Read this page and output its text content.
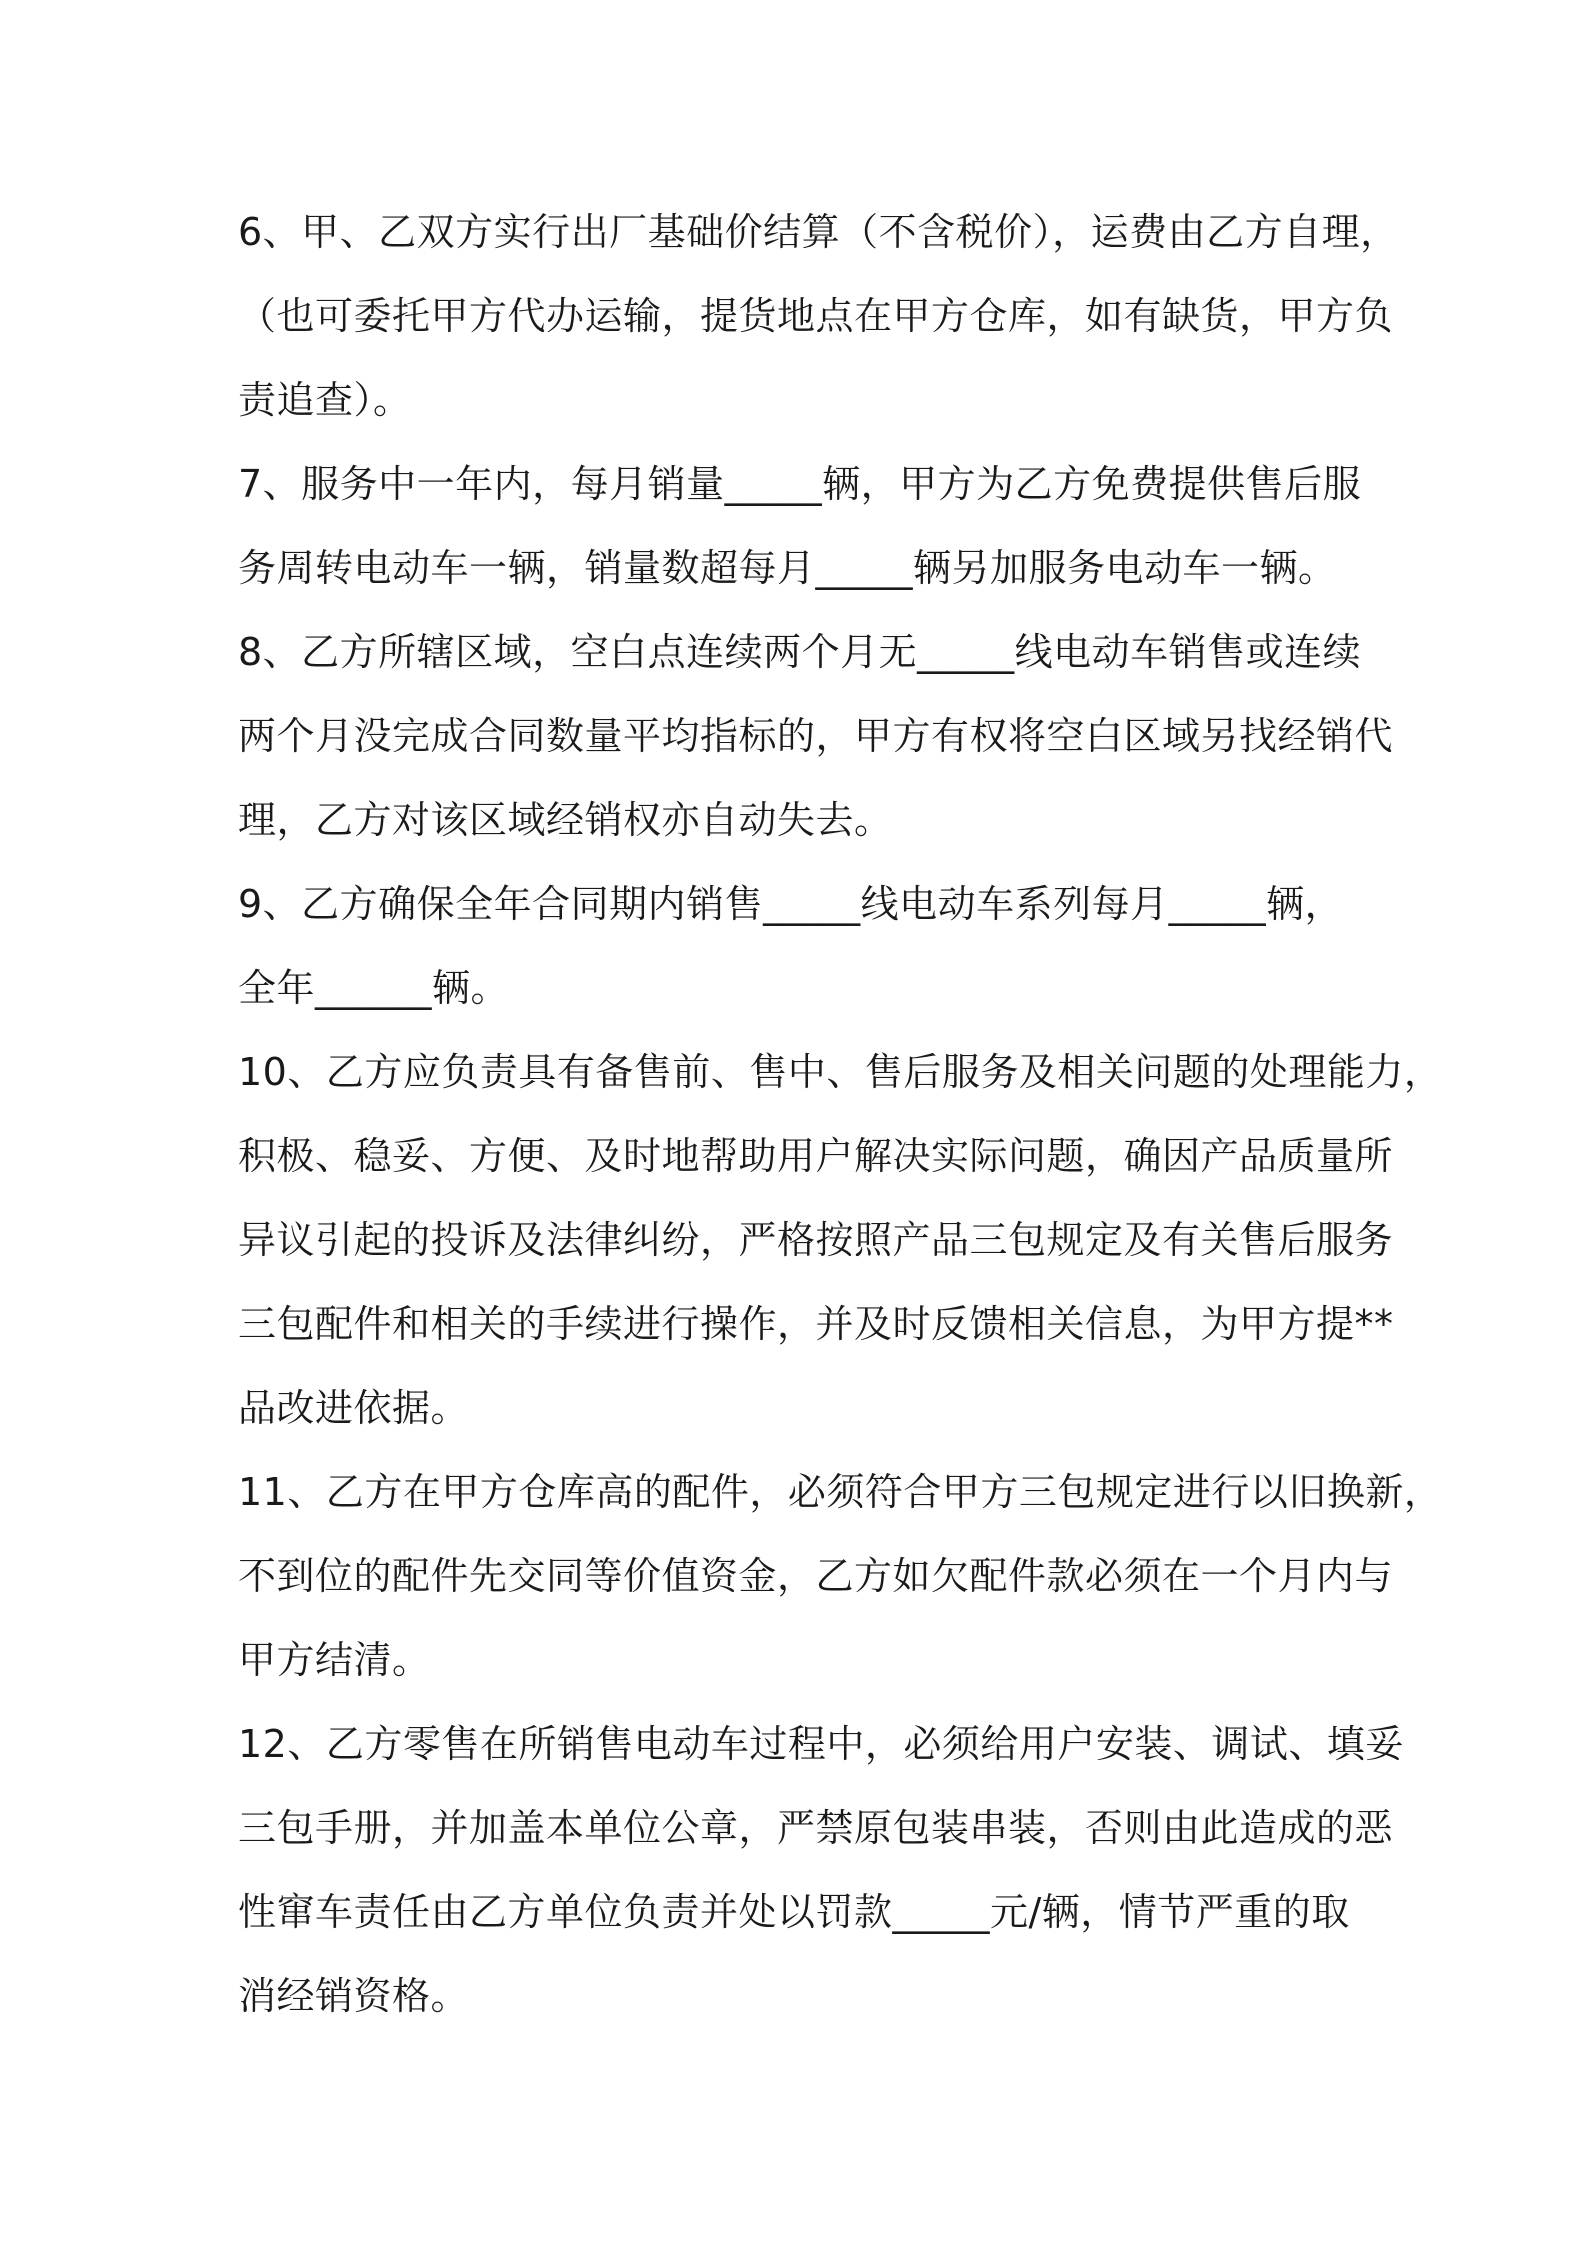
6、甲、乙双方实行出厂基础价结算（不含税价），运费由乙方自理，
（也可委托甲方代办运输，提货地点在甲方仓库，如有缺货，甲方负
责追查）。
7、服务中一年内，每月销量_____辆，甲方为乙方免费提供售后服
务周转电动车一辆，销量数超每月_____辆另加服务电动车一辆。
8、乙方所辖区域，空白点连续两个月无_____线电动车销售或连续
两个月没完成合同数量平均指标的，甲方有权将空白区域另找经销代
理，乙方对该区域经销权亦自动失去。
9、乙方确保全年合同期内销售_____线电动车系列每月_____辆，
全年______辆。
10、乙方应负责具有备售前、售中、售后服务及相关问题的处理能力，
积极、稳妥、方便、及时地帮助用户解决实际问题，确因产品质量所
异议引起的投诉及法律纠纷，严格按照产品三包规定及有关售后服务
三包配件和相关的手续进行操作，并及时反馈相关信息，为甲方提**
品改进依据。
11、乙方在甲方仓库高的配件，必须符合甲方三包规定进行以旧换新，
不到位的配件先交同等价值资金，乙方如欠配件款必须在一个月内与
甲方结清。
12、乙方零售在所销售电动车过程中，必须给用户安装、调试、填妥
三包手册，并加盖本单位公章，严禁原包装串装，否则由此造成的恶
性窜车责任由乙方单位负责并处以罚款_____元/辆，情节严重的取
消经销资格。
